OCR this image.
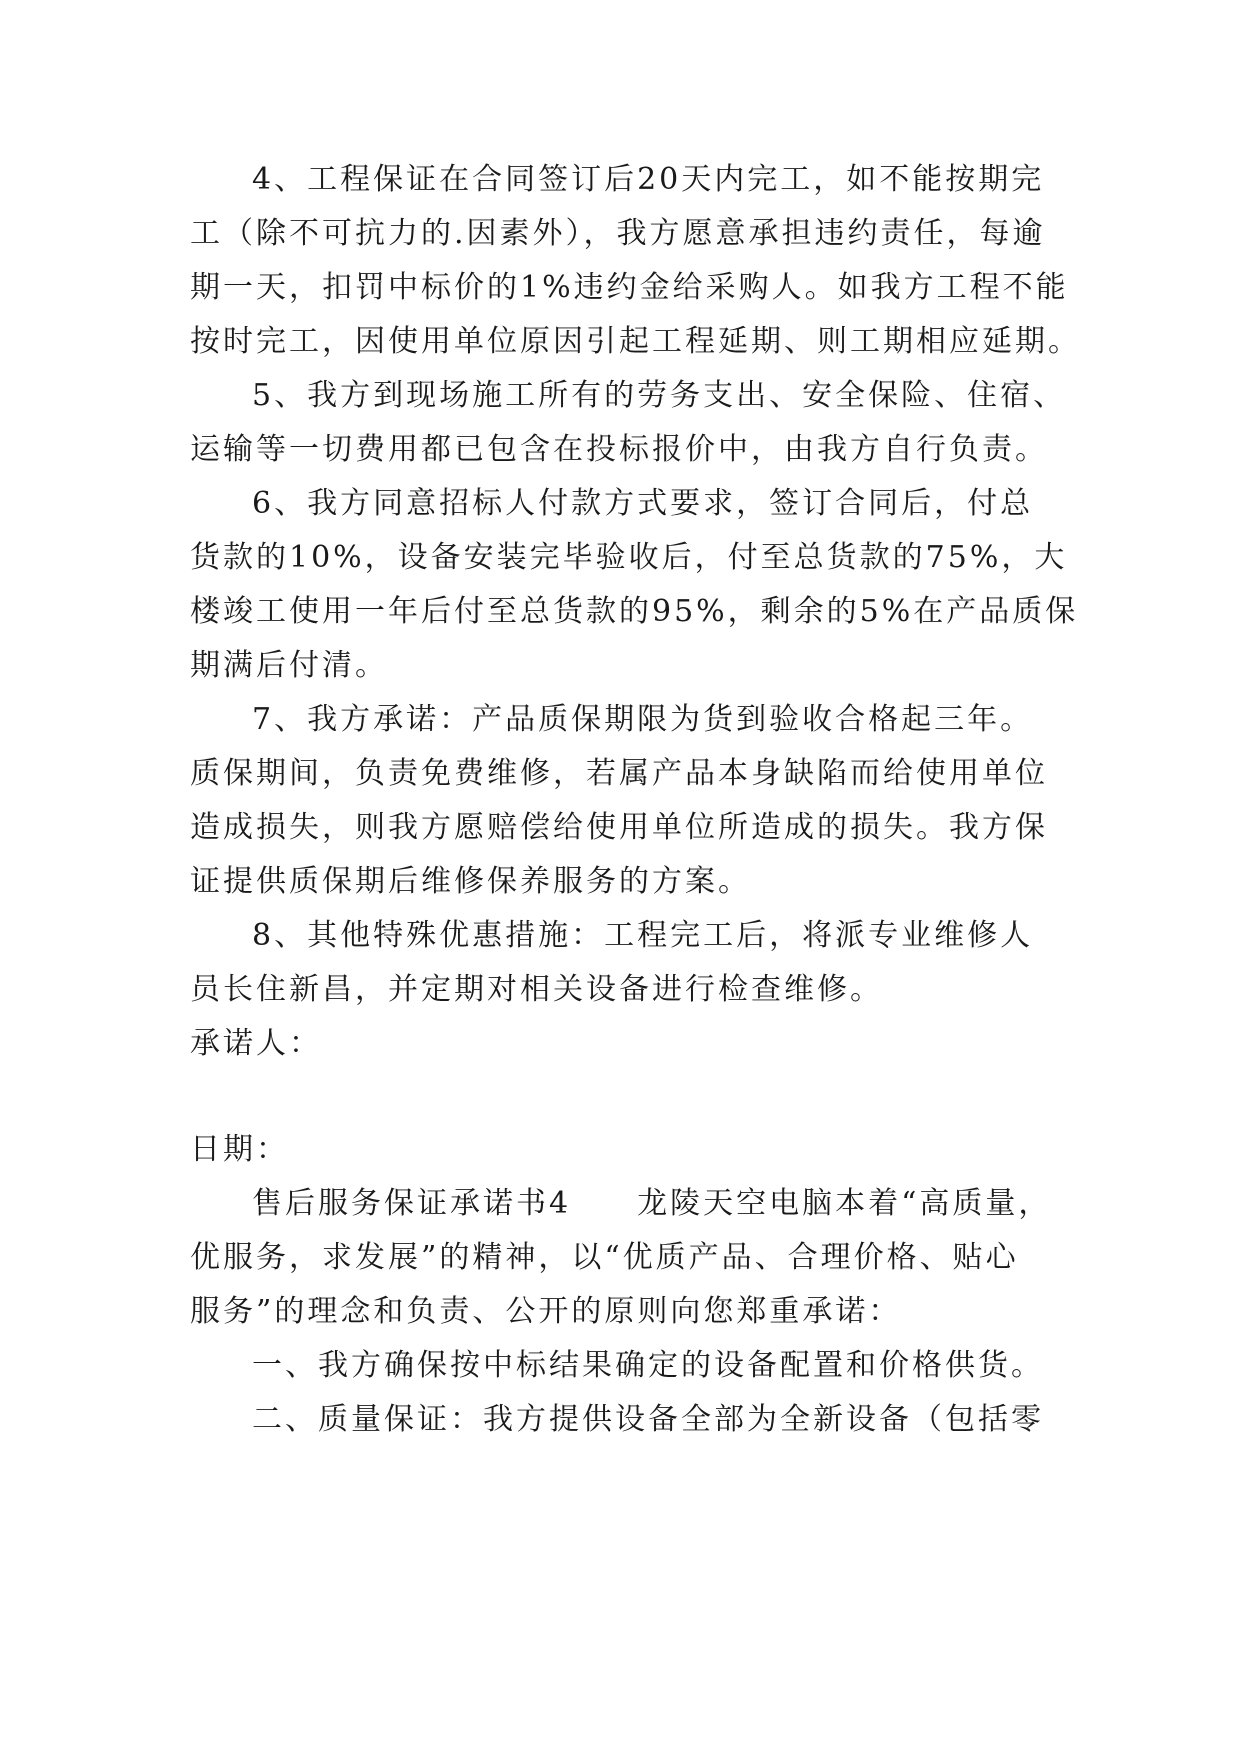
4、工程保证在合同签订后20天内完工，如不能按期完
工（除不可抗力的.因素外），我方愿意承担违约责任，每逾
期一天，扣罚中标价的1%违约金给采购人。如我方工程不能
按时完工，因使用单位原因引起工程延期、则工期相应延期。
5、我方到现场施工所有的劳务支出、安全保险、住宿、
运输等一切费用都已包含在投标报价中，由我方自行负责。
6、我方同意招标人付款方式要求，签订合同后，付总
货款的10%，设备安装完毕验收后，付至总货款的75%，大
楼竣工使用一年后付至总货款的95%，剩余的5%在产品质保
期满后付清。
7、我方承诺：产品质保期限为货到验收合格起三年。
质保期间，负责免费维修，若属产品本身缺陷而给使用单位
造成损失，则我方愿赔偿给使用单位所造成的损失。我方保
证提供质保期后维修保养服务的方案。
8、其他特殊优惠措施：工程完工后，将派专业维修人
员长住新昌，并定期对相关设备进行检查维修。
承诺人：
日期：
售后服务保证承诺书4　　龙陵天空电脑本着“高质量，
优服务，求发展”的精神，以“优质产品、合理价格、贴心
服务”的理念和负责、公开的原则向您郑重承诺：
一、我方确保按中标结果确定的设备配置和价格供货。
二、质量保证：我方提供设备全部为全新设备（包括零
